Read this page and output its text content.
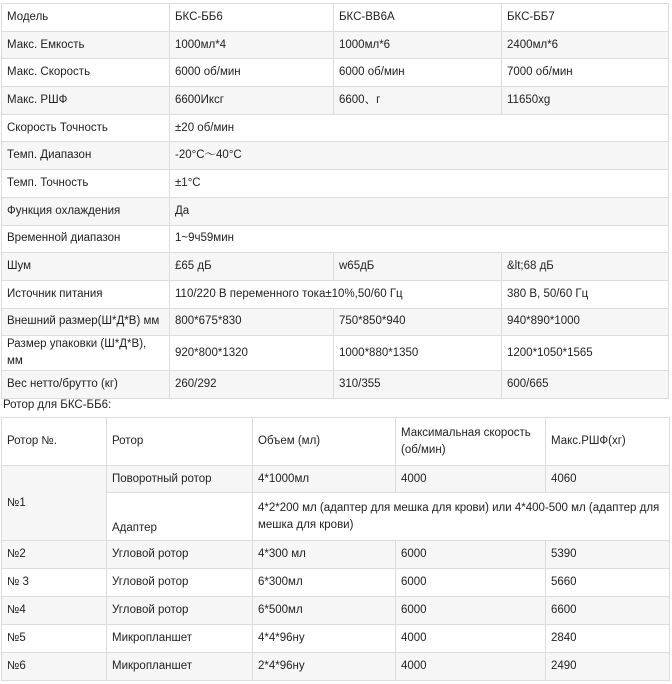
Модель	БКС-ББ6	БКС-ВВ6А	БКС-ББ7
Макс. Емкость	1000мл*4	1000мл*6	2400мл*6
Макс. Скорость	6000 об/мин	6000 об/мин	7000 об/мин
Макс. РШФ	6600Иксг	6600、г	11650xg
Скорость Точность	±20 об/мин		
Темп. Диапазон	-20°C～40°C		
Темп. Точность	±1°C		
Функция охлаждения	Да		
Временной диапазон	1~9ч59мин		
Шум	£65 дБ	w65дБ	&lt;68 дБ
Источник питания	110/220 В переменного тока±10%,50/60 Гц		380 В, 50/60 Гц
Внешний размер(Ш*Д*В) мм	800*675*830	750*850*940	940*890*1000
Размер упаковки (Ш*Д*В), мм	920*800*1320	1000*880*1350	1200*1050*1565
Вес нетто/брутто (кг)	260/292	310/355	600/665
Ротор для БКС-ББ6:
Ротор №.	Ротор	Объем (мл)	Максимальная скорость (об/мин)	Макс.РШФ(хг)
№1	Поворотный ротор	4*1000мл	4000	4060
	Адаптер	4*2*200 мл (адаптер для мешка для крови) или 4*400-500 мл (адаптер для мешка для крови)		
№2	Угловой ротор	4*300 мл	6000	5390
№ 3	Угловой ротор	6*300мл	6000	5660
№4	Угловой ротор	6*500мл	6000	6600
№5	Микропланшет	4*4*96ну	4000	2840
№6	Микропланшет	2*4*96ну	4000	2490
